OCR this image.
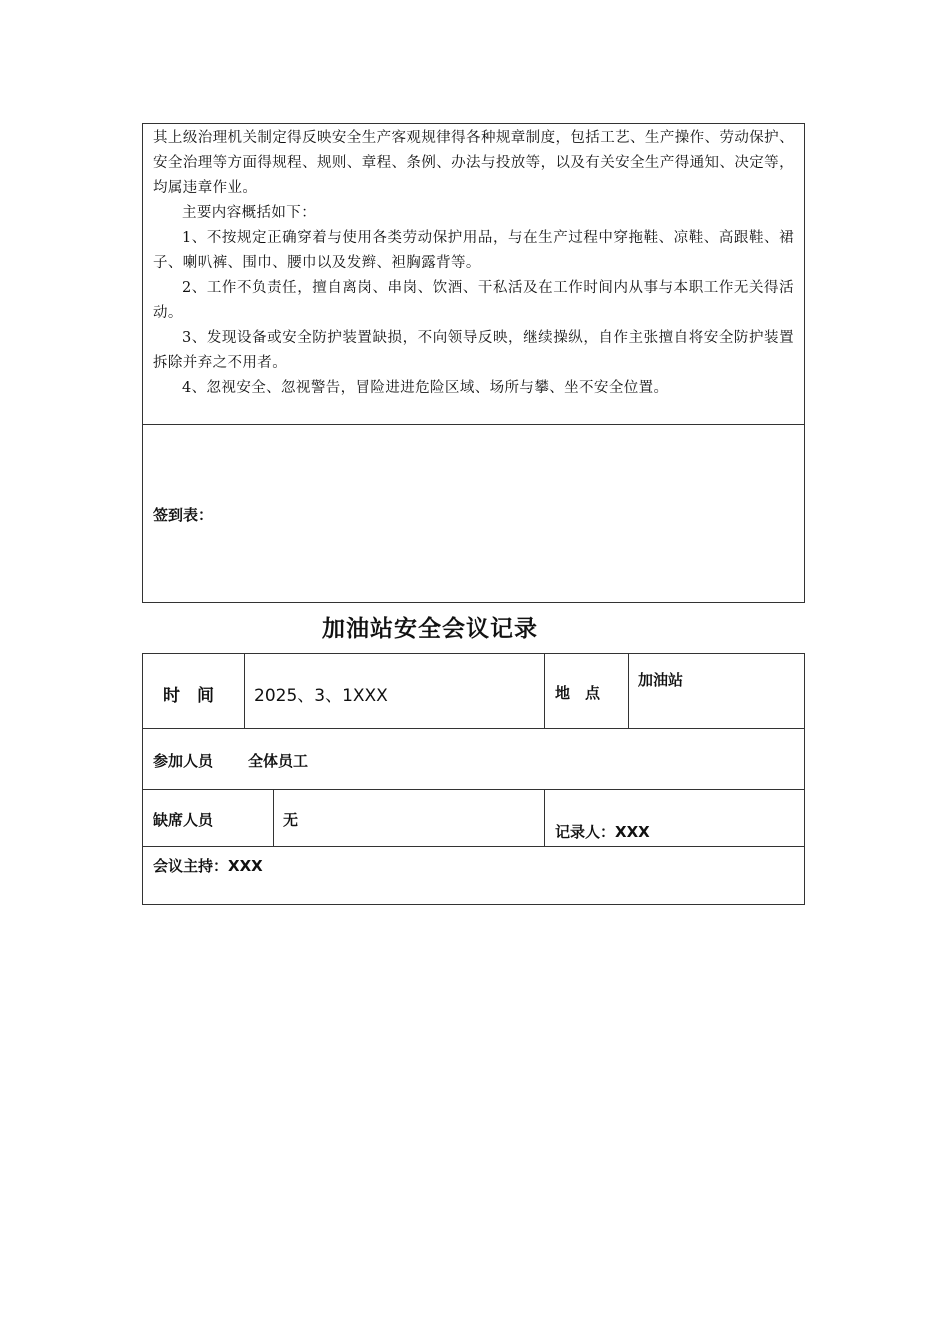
其上级治理机关制定得反映安全生产客观规律得各种规章制度，包括工艺、生产操作、劳动保护、安全治理等方面得规程、规则、章程、条例、办法与投放等，以及有关安全生产得通知、决定等，均属违章作业。

主要内容概括如下：

1、不按规定正确穿着与使用各类劳动保护用品，与在生产过程中穿拖鞋、凉鞋、高跟鞋、裙子、喇叭裤、围巾、腰巾以及发辫、袒胸露背等。

2、工作不负责任，擅自离岗、串岗、饮酒、干私活及在工作时间内从事与本职工作无关得活动。

3、发现设备或安全防护装置缺损，不向领导反映，继续操纵，自作主张擅自将安全防护装置拆除并弃之不用者。

4、忽视安全、忽视警告，冒险进进危险区域、场所与攀、坐不安全位置。

签到表：
加油站安全会议记录
时　间 2025、3、1XXX	地　点
加油站
参加人员 全体员工
缺席人员	无
记录人：XXX
会议主持：XXX
